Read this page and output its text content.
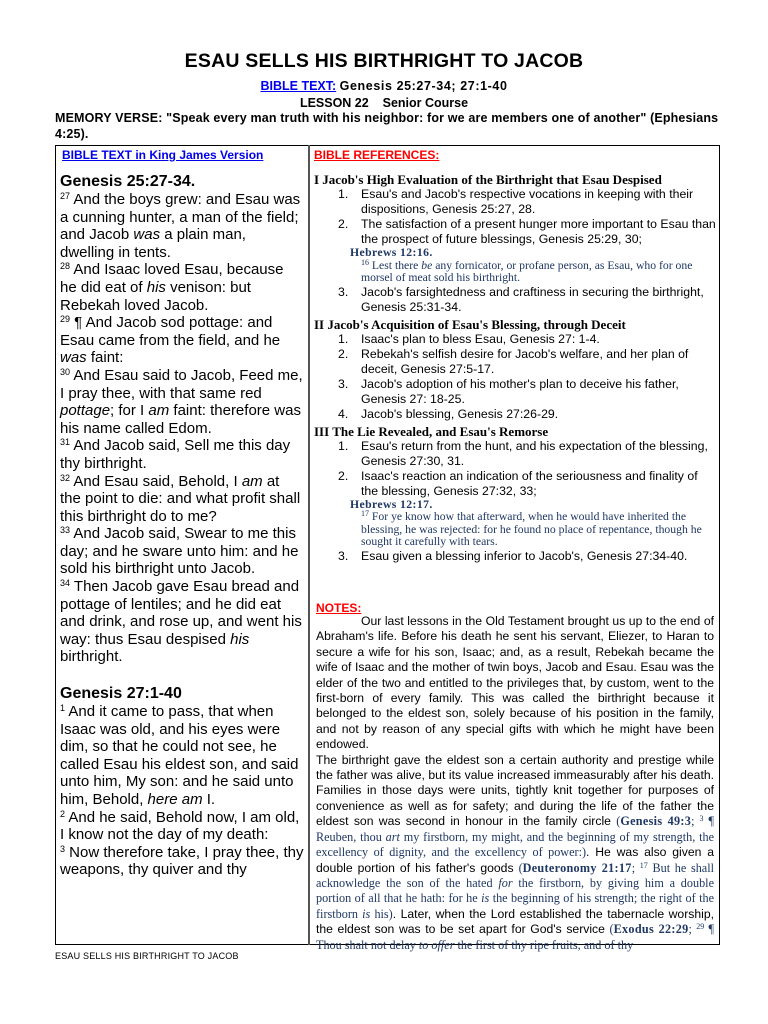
ESAU SELLS HIS BIRTHRIGHT TO JACOB
BIBLE TEXT: Genesis 25:27-34; 27:1-40
LESSON 22    Senior Course
MEMORY VERSE: "Speak every man truth with his neighbor: for we are members one of another" (Ephesians 4:25).
BIBLE TEXT in King James Version
Genesis 25:27-34.

$^{27}$ And the boys grew: and Esau was a cunning hunter, a man of the field; and Jacob was a plain man, dwelling in tents.

$^{28}$ And Isaac loved Esau, because he did eat of his venison: but Rebekah loved Jacob.

$^{29}$ ¶ And Jacob sod pottage: and Esau came from the field, and he was faint:

$^{30}$ And Esau said to Jacob, Feed me, I pray thee, with that same red pottage; for I am faint: therefore was his name called Edom.

$^{31}$ And Jacob said, Sell me this day thy birthright.

$^{32}$ And Esau said, Behold, I am at the point to die: and what profit shall this birthright do to me?

$^{33}$ And Jacob said, Swear to me this day; and he sware unto him: and he sold his birthright unto Jacob.

$^{34}$ Then Jacob gave Esau bread and pottage of lentiles; and he did eat and drink, and rose up, and went his way: thus Esau despised his birthright.

Genesis 27:1-40

$^1$ And it came to pass, that when Isaac was old, and his eyes were dim, so that he could not see, he called Esau his eldest son, and said unto him, My son: and he said unto him, Behold, here am I.

$^2$ And he said, Behold now, I am old, I know not the day of my death:

$^3$ Now therefore take, I pray thee, thy weapons, thy quiver and thy

BIBLE REFERENCES:
I Jacob's High Evaluation of the Birthright that Esau Despised
1. Esau's and Jacob's respective vocations in keeping with their dispositions, Genesis 25:27, 28.
2. The satisfaction of a present hunger more important to Esau than the prospect of future blessings, Genesis 25:29, 30;
Hebrews 12:16.
$^{16}$ Lest there be any fornicator, or profane person, as Esau, who for one morsel of meat sold his birthright.
3. Jacob's farsightedness and craftiness in securing the birthright, Genesis 25:31-34.
II Jacob's Acquisition of Esau's Blessing, through Deceit
1. Isaac's plan to bless Esau, Genesis 27: 1-4.
2. Rebekah's selfish desire for Jacob's welfare, and her plan of deceit, Genesis 27:5-17.
3. Jacob's adoption of his mother's plan to deceive his father, Genesis 27: 18-25.
4. Jacob's blessing, Genesis 27:26-29.
III The Lie Revealed, and Esau's Remorse
1. Esau's return from the hunt, and his expectation of the blessing, Genesis 27:30, 31.
2. Isaac's reaction an indication of the seriousness and finality of the blessing, Genesis 27:32, 33;
Hebrews 12:17.
$^{17}$ For ye know how that afterward, when he would have inherited the blessing, he was rejected: for he found no place of repentance, though he sought it carefully with tears.
3. Esau given a blessing inferior to Jacob's, Genesis 27:34-40.
NOTES:

Our last lessons in the Old Testament brought us up to the end of Abraham's life. Before his death he sent his servant, Eliezer, to Haran to secure a wife for his son, Isaac; and, as a result, Rebekah became the wife of Isaac and the mother of twin boys, Jacob and Esau. Esau was the elder of the two and entitled to the privileges that, by custom, went to the first-born of every family. This was called the birthright because it belonged to the eldest son, solely because of his position in the family, and not by reason of any special gifts with which he might have been endowed.

The birthright gave the eldest son a certain authority and prestige while the father was alive, but its value increased immeasurably after his death. Families in those days were units, tightly knit together for purposes of convenience as well as for safety; and during the life of the father the eldest son was second in honour in the family circle (Genesis 49:3; $^3$ ¶ Reuben, thou art my firstborn, my might, and the beginning of my strength, the excellency of dignity, and the excellency of power:). He was also given a double portion of his father's goods (Deuteronomy 21:17; $^{17}$ But he shall acknowledge the son of the hated for the firstborn, by giving him a double portion of all that he hath: for he is the beginning of his strength; the right of the firstborn is his). Later, when the Lord established the tabernacle worship, the eldest son was to be set apart for God's service (Exodus 22:29; $^{29}$ ¶ Thou shalt not delay to offer the first of thy ripe fruits, and of thy

ESAU SELLS HIS BIRTHRIGHT TO JACOB
